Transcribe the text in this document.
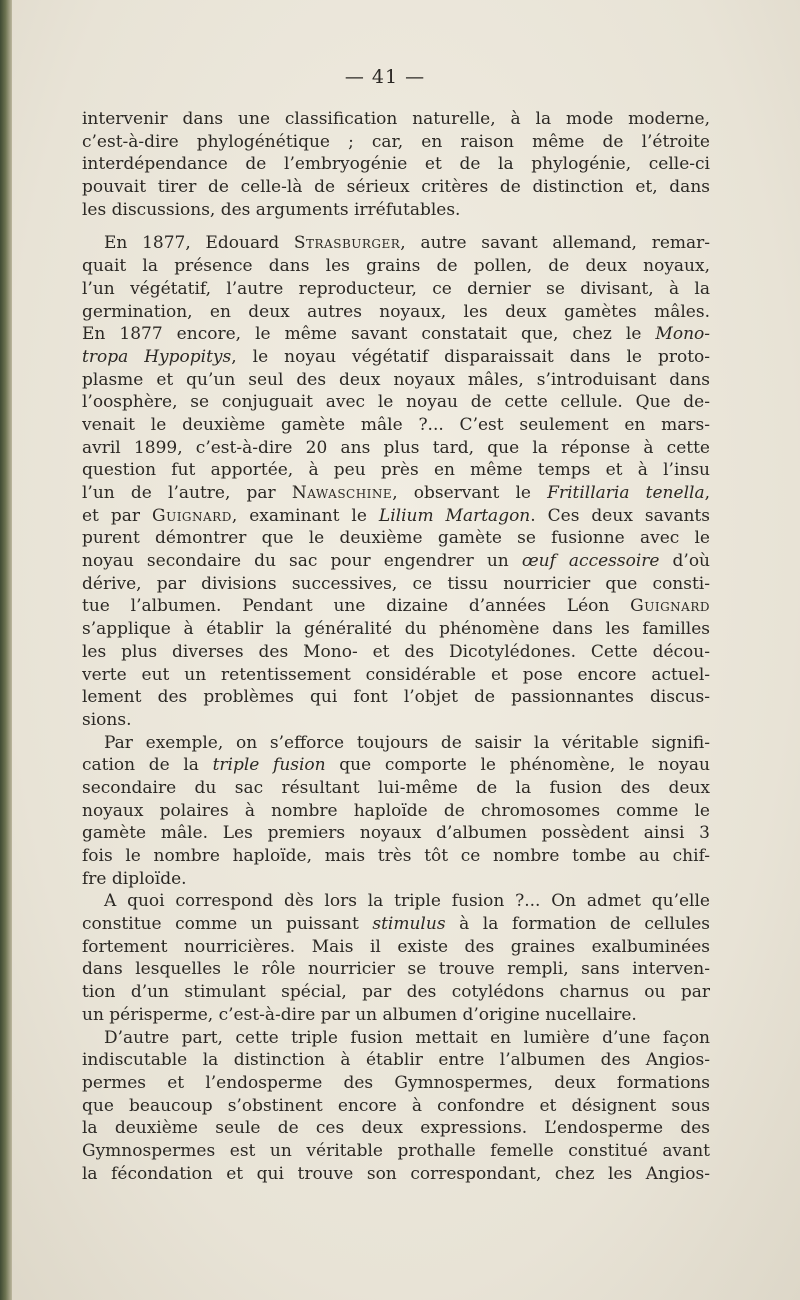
— 41 —
intervenir dans une classification naturelle, à la mode moderne,
c’est-à-dire phylogénétique ; car, en raison même de l’étroite
interdépendance de l’embryogénie et de la phylogénie, celle-ci
pouvait tirer de celle-là de sérieux critères de distinction et, dans
les discussions, des arguments irréfutables.
En 1877, Edouard Strasburger, autre savant allemand, remar-
quait la présence dans les grains de pollen, de deux noyaux,
l’un végétatif, l’autre reproducteur, ce dernier se divisant, à la
germination, en deux autres noyaux, les deux gamètes mâles.
En 1877 encore, le même savant constatait que, chez le Mono-
tropa Hypopitys, le noyau végétatif disparaissait dans le proto-
plasme et qu’un seul des deux noyaux mâles, s’introduisant dans
l’oosphère, se conjuguait avec le noyau de cette cellule. Que de-
venait le deuxième gamète mâle ?... C’est seulement en mars-
avril 1899, c’est-à-dire 20 ans plus tard, que la réponse à cette
question fut apportée, à peu près en même temps et à l’insu
l’un de l’autre, par Nawaschine, observant le Fritillaria tenella,
et par Guignard, examinant le Lilium Martagon. Ces deux savants
purent démontrer que le deuxième gamète se fusionne avec le
noyau secondaire du sac pour engendrer un œuf accessoire d’où
dérive, par divisions successives, ce tissu nourricier que consti-
tue l’albumen. Pendant une dizaine d’années Léon Guignard
s’applique à établir la généralité du phénomène dans les familles
les plus diverses des Mono- et des Dicotylédones. Cette décou-
verte eut un retentissement considérable et pose encore actuel-
lement des problèmes qui font l’objet de passionnantes discus-
sions.
Par exemple, on s’efforce toujours de saisir la véritable signifi-
cation de la triple fusion que comporte le phénomène, le noyau
secondaire du sac résultant lui-même de la fusion des deux
noyaux polaires à nombre haploïde de chromosomes comme le
gamète mâle. Les premiers noyaux d’albumen possèdent ainsi 3
fois le nombre haploïde, mais très tôt ce nombre tombe au chif-
fre diploïde.
A quoi correspond dès lors la triple fusion ?... On admet qu’elle
constitue comme un puissant stimulus à la formation de cellules
fortement nourricières. Mais il existe des graines exalbuminées
dans lesquelles le rôle nourricier se trouve rempli, sans interven-
tion d’un stimulant spécial, par des cotylédons charnus ou par
un périsperme, c’est-à-dire par un albumen d’origine nucellaire.
D’autre part, cette triple fusion mettait en lumière d’une façon
indiscutable la distinction à établir entre l’albumen des Angios-
permes et l’endosperme des Gymnospermes, deux formations
que beaucoup s’obstinent encore à confondre et désignent sous
la deuxième seule de ces deux expressions. L’endosperme des
Gymnospermes est un véritable prothalle femelle constitué avant
la fécondation et qui trouve son correspondant, chez les Angios-
